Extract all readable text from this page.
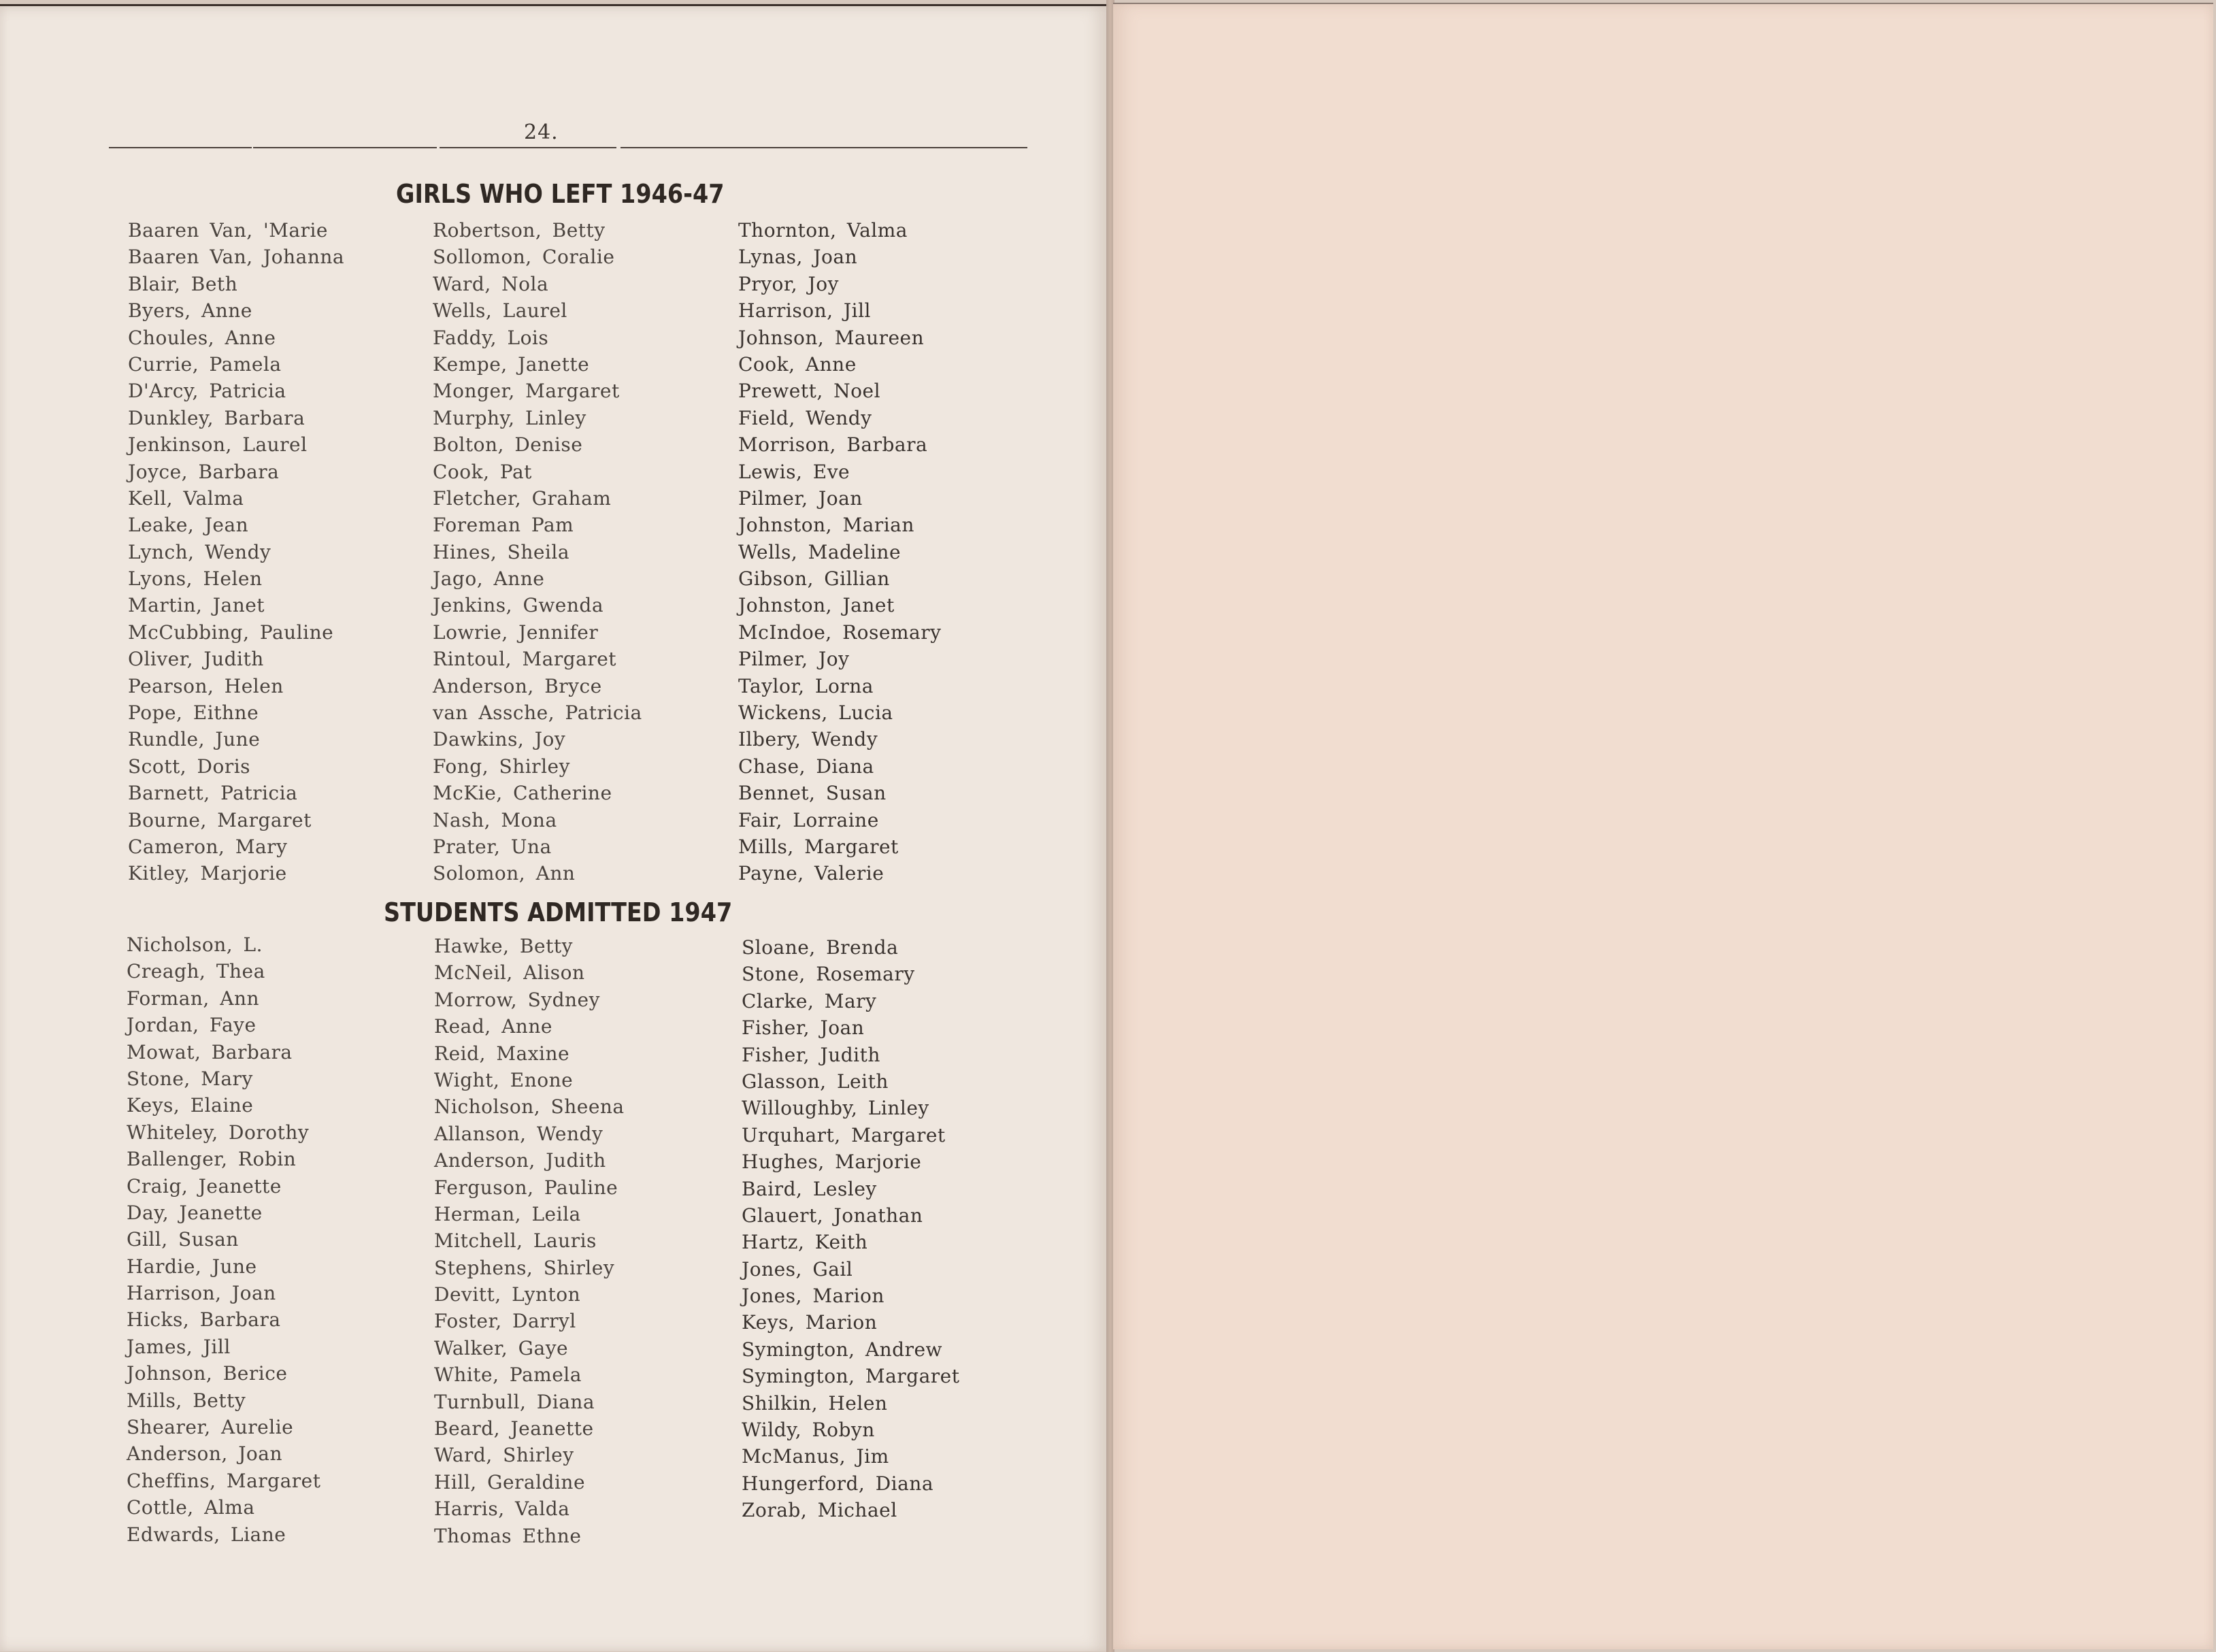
24.
GIRLS WHO LEFT 1946-47
Baaren Van, 'Marie
Baaren Van, Johanna
Blair, Beth
Byers, Anne
Choules, Anne
Currie, Pamela
D'Arcy, Patricia
Dunkley, Barbara
Jenkinson, Laurel
Joyce, Barbara
Kell, Valma
Leake, Jean
Lynch, Wendy
Lyons, Helen
Martin, Janet
McCubbing, Pauline
Oliver, Judith
Pearson, Helen
Pope, Eithne
Rundle, June
Scott, Doris
Barnett, Patricia
Bourne, Margaret
Cameron, Mary
Kitley, Marjorie
Robertson, Betty
Sollomon, Coralie
Ward, Nola
Wells, Laurel
Faddy, Lois
Kempe, Janette
Monger, Margaret
Murphy, Linley
Bolton, Denise
Cook, Pat
Fletcher, Graham
Foreman Pam
Hines, Sheila
Jago, Anne
Jenkins, Gwenda
Lowrie, Jennifer
Rintoul, Margaret
Anderson, Bryce
van Assche, Patricia
Dawkins, Joy
Fong, Shirley
McKie, Catherine
Nash, Mona
Prater, Una
Solomon, Ann
Thornton, Valma
Lynas, Joan
Pryor, Joy
Harrison, Jill
Johnson, Maureen
Cook, Anne
Prewett, Noel
Field, Wendy
Morrison, Barbara
Lewis, Eve
Pilmer, Joan
Johnston, Marian
Wells, Madeline
Gibson, Gillian
Johnston, Janet
McIndoe, Rosemary
Pilmer, Joy
Taylor, Lorna
Wickens, Lucia
Ilbery, Wendy
Chase, Diana
Bennet, Susan
Fair, Lorraine
Mills, Margaret
Payne, Valerie
STUDENTS ADMITTED 1947
Nicholson, L.
Creagh, Thea
Forman, Ann
Jordan, Faye
Mowat, Barbara
Stone, Mary
Keys, Elaine
Whiteley, Dorothy
Ballenger, Robin
Craig, Jeanette
Day, Jeanette
Gill, Susan
Hardie, June
Harrison, Joan
Hicks, Barbara
James, Jill
Johnson, Berice
Mills, Betty
Shearer, Aurelie
Anderson, Joan
Cheffins, Margaret
Cottle, Alma
Edwards, Liane
Hawke, Betty
McNeil, Alison
Morrow, Sydney
Read, Anne
Reid, Maxine
Wight, Enone
Nicholson, Sheena
Allanson, Wendy
Anderson, Judith
Ferguson, Pauline
Herman, Leila
Mitchell, Lauris
Stephens, Shirley
Devitt, Lynton
Foster, Darryl
Walker, Gaye
White, Pamela
Turnbull, Diana
Beard, Jeanette
Ward, Shirley
Hill, Geraldine
Harris, Valda
Thomas Ethne
Sloane, Brenda
Stone, Rosemary
Clarke, Mary
Fisher, Joan
Fisher, Judith
Glasson, Leith
Willoughby, Linley
Urquhart, Margaret
Hughes, Marjorie
Baird, Lesley
Glauert, Jonathan
Hartz, Keith
Jones, Gail
Jones, Marion
Keys, Marion
Symington, Andrew
Symington, Margaret
Shilkin, Helen
Wildy, Robyn
McManus, Jim
Hungerford, Diana
Zorab, Michael
